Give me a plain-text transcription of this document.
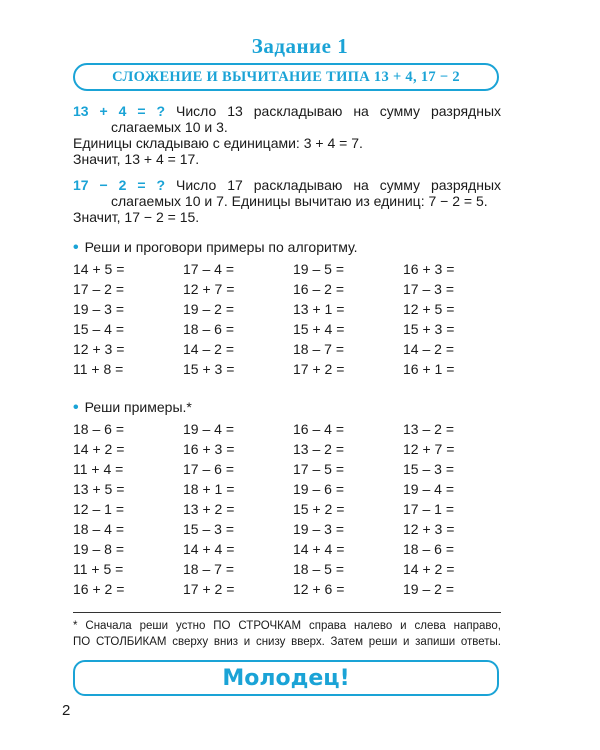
Задание 1
СЛОЖЕНИЕ И ВЫЧИТАНИЕ ТИПА 13 + 4, 17 − 2
13 + 4 = ? Число 13 раскладываю на сумму разрядных
слагаемых 10 и 3.
Единицы складываю с единицами: 3 + 4 = 7.
Значит, 13 + 4 = 17.
17 − 2 = ? Число 17 раскладываю на сумму разрядных
слагаемых 10 и 7. Единицы вычитаю из единиц: 7 − 2 = 5.
Значит, 17 − 2 = 15.
• Реши и проговори примеры по алгоритму.
14 + 5 =	17 – 4 =	19 – 5 =	16 + 3 =
17 – 2 =	12 + 7 =	16 – 2 =	17 – 3 =
19 – 3 =	19 – 2 =	13 + 1 =	12 + 5 =
15 – 4 =	18 – 6 =	15 + 4 =	15 + 3 =
12 + 3 =	14 – 2 =	18 – 7 =	14 – 2 =
11 + 8 =	15 + 3 =	17 + 2 =	16 + 1 =
• Реши примеры.*
18 – 6 =	19 – 4 =	16 – 4 =	13 – 2 =
14 + 2 =	16 + 3 =	13 – 2 =	12 + 7 =
11 + 4 =	17 – 6 =	17 – 5 =	15 – 3 =
13 + 5 =	18 + 1 =	19 – 6 =	19 – 4 =
12 – 1 =	13 + 2 =	15 + 2 =	17 – 1 =
18 – 4 =	15 – 3 =	19 – 3 =	12 + 3 =
19 – 8 =	14 + 4 =	14 + 4 =	18 – 6 =
11 + 5 =	18 – 7 =	18 – 5 =	14 + 2 =
16 + 2 =	17 + 2 =	12 + 6 =	19 – 2 =
* Сначала реши устно ПО СТРОЧКАМ справа налево и слева направо,
ПО СТОЛБИКАМ сверху вниз и снизу вверх. Затем реши и запиши ответы.
Молодец!
2
